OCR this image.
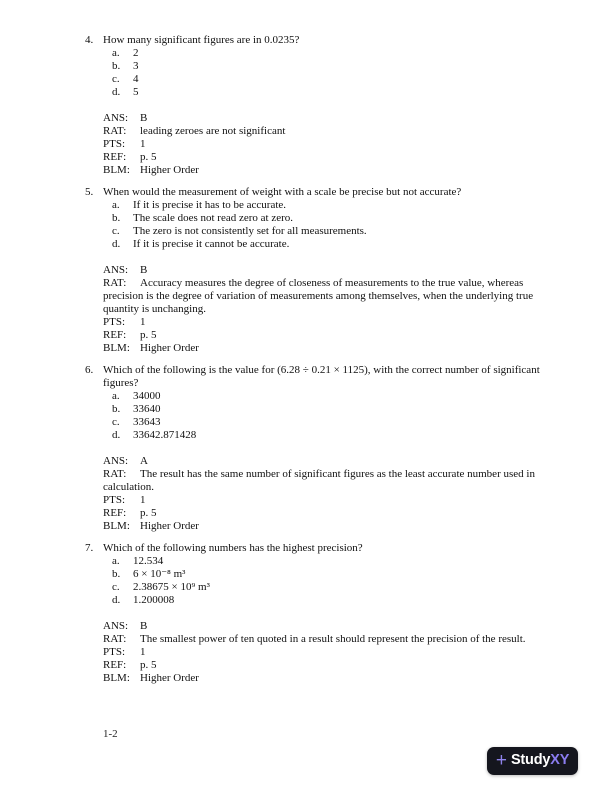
4. How many significant figures are in 0.0235?
a.	2
b.	3
c.	4
d.	5

ANS: B

RAT: leading zeroes are not significant

PTS: 1

REF: p. 5

BLM: Higher Order

5. When would the measurement of weight with a scale be precise but not accurate?
a.	If it is precise it has to be accurate.
b.	The scale does not read zero at zero.
c.	The zero is not consistently set for all measurements.
d.	If it is precise it cannot be accurate.

ANS: B

RAT: Accuracy measures the degree of closeness of measurements to the true value, whereas precision is the degree of variation of measurements among themselves, when the underlying true quantity is unchanging.

PTS: 1

REF: p. 5

BLM: Higher Order

6. Which of the following is the value for (6.28 ÷ 0.21 × 1125), with the correct number of significant figures?
a.	34000
b.	33640
c.	33643
d.	33642.871428

ANS: A

RAT: The result has the same number of significant figures as the least accurate number used in calculation.

PTS: 1

REF: p. 5

BLM: Higher Order

7. Which of the following numbers has the highest precision?
a.	12.534
b.	6 × 10⁻⁸ m³
c.	2.38675 × 10⁹ m³
d.	1.200008

ANS: B

RAT: The smallest power of ten quoted in a result should represent the precision of the result.

PTS: 1

REF: p. 5

BLM: Higher Order

1-2
+ StudyXY
